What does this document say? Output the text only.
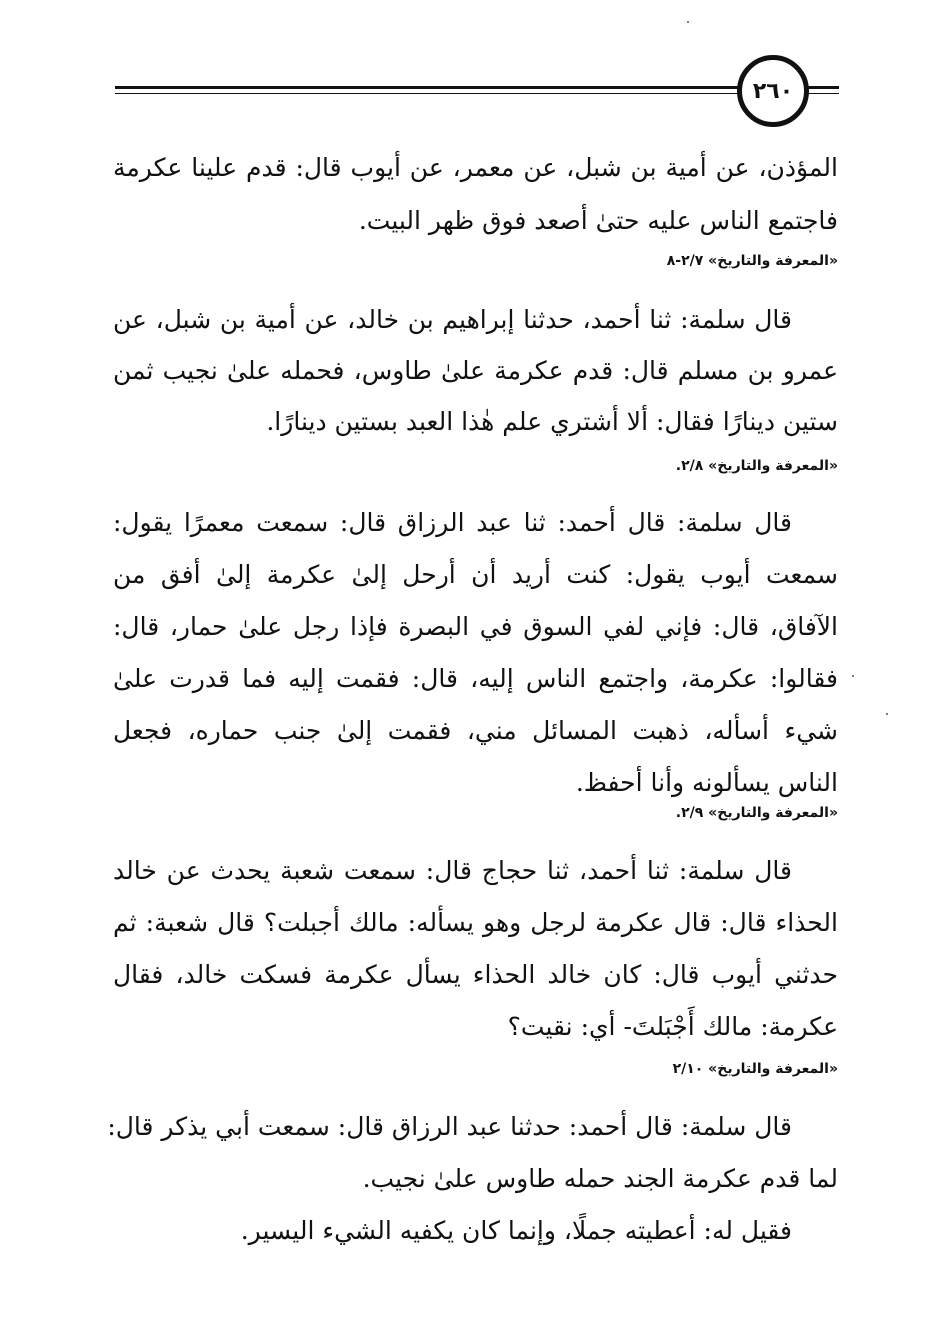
٢٦٠
المؤذن، عن أمية بن شبل، عن معمر، عن أيوب قال: قدم علينا عكرمة
فاجتمع الناس عليه حتىٰ أصعد فوق ظهر البيت.
«المعرفة والتاريخ» ٢/٧-٨
قال سلمة: ثنا أحمد، حدثنا إبراهيم بن خالد، عن أمية بن شبل، عن
عمرو بن مسلم قال: قدم عكرمة علىٰ طاوس، فحمله علىٰ نجيب ثمن
ستين دينارًا فقال: ألا أشتري علم هٰذا العبد بستين دينارًا.
«المعرفة والتاريخ» ٢/٨.
قال سلمة: قال أحمد: ثنا عبد الرزاق قال: سمعت معمرًا يقول:
سمعت أيوب يقول: كنت أريد أن أرحل إلىٰ عكرمة إلىٰ أفق من
الآفاق، قال: فإني لفي السوق في البصرة فإذا رجل علىٰ حمار، قال:
فقالوا: عكرمة، واجتمع الناس إليه، قال: فقمت إليه فما قدرت علىٰ
شيء أسأله، ذهبت المسائل مني، فقمت إلىٰ جنب حماره، فجعل
الناس يسألونه وأنا أحفظ.
«المعرفة والتاريخ» ٢/٩.
قال سلمة: ثنا أحمد، ثنا حجاج قال: سمعت شعبة يحدث عن خالد
الحذاء قال: قال عكرمة لرجل وهو يسأله: مالك أجبلت؟ قال شعبة: ثم
حدثني أيوب قال: كان خالد الحذاء يسأل عكرمة فسكت خالد، فقال
عكرمة: مالك أَجْبَلتَ- أي: نقيت؟
«المعرفة والتاريخ» ٢/١٠
قال سلمة: قال أحمد: حدثنا عبد الرزاق قال: سمعت أبي يذكر قال:
لما قدم عكرمة الجند حمله طاوس علىٰ نجيب.
فقيل له: أعطيته جملًا، وإنما كان يكفيه الشيء اليسير.
